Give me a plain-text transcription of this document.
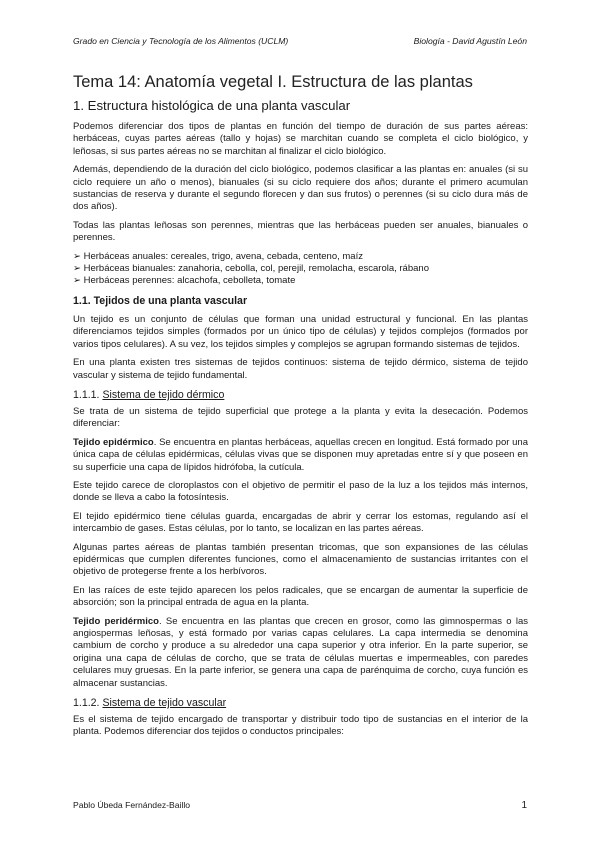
Grado en Ciencia y Tecnología de los Alimentos (UCLM)	Biología - David Agustín León
Tema 14: Anatomía vegetal I. Estructura de las plantas
1. Estructura histológica de una planta vascular

Podemos diferenciar dos tipos de plantas en función del tiempo de duración de sus partes aéreas: herbáceas, cuyas partes aéreas (tallo y hojas) se marchitan cuando se completa el ciclo biológico, y leñosas, si sus partes aéreas no se marchitan al finalizar el ciclo biológico.

Además, dependiendo de la duración del ciclo biológico, podemos clasificar a las plantas en: anuales (si su ciclo requiere un año o menos), bianuales (si su ciclo requiere dos años; durante el primero acumulan sustancias de reserva y durante el segundo florecen y dan sus frutos) o perennes (si su ciclo dura más de dos años).

Todas las plantas leñosas son perennes, mientras que las herbáceas pueden ser anuales, bianuales o perennes.

➢ Herbáceas anuales: cereales, trigo, avena, cebada, centeno, maíz
➢ Herbáceas bianuales: zanahoria, cebolla, col, perejil, remolacha, escarola, rábano
➢ Herbáceas perennes: alcachofa, cebolleta, tomate
1.1. Tejidos de una planta vascular

Un tejido es un conjunto de células que forman una unidad estructural y funcional. En las plantas diferenciamos tejidos simples (formados por un único tipo de células) y tejidos complejos (formados por varios tipos celulares). A su vez, los tejidos simples y complejos se agrupan formando sistemas de tejidos.

En una planta existen tres sistemas de tejidos continuos: sistema de tejido dérmico, sistema de tejido vascular y sistema de tejido fundamental.

1.1.1. Sistema de tejido dérmico

Se trata de un sistema de tejido superficial que protege a la planta y evita la desecación. Podemos diferenciar:

Tejido epidérmico. Se encuentra en plantas herbáceas, aquellas crecen en longitud. Está formado por una única capa de células epidérmicas, células vivas que se disponen muy apretadas entre sí y que poseen en su superficie una capa de lípidos hidrófoba, la cutícula.

Este tejido carece de cloroplastos con el objetivo de permitir el paso de la luz a los tejidos más internos, donde se lleva a cabo la fotosíntesis.

El tejido epidérmico tiene células guarda, encargadas de abrir y cerrar los estomas, regulando así el intercambio de gases. Estas células, por lo tanto, se localizan en las partes aéreas.

Algunas partes aéreas de plantas también presentan tricomas, que son expansiones de las células epidérmicas que cumplen diferentes funciones, como el almacenamiento de sustancias irritantes con el objetivo de protegerse frente a los herbívoros.

En las raíces de este tejido aparecen los pelos radicales, que se encargan de aumentar la superficie de absorción; son la principal entrada de agua en la planta.

Tejido peridérmico. Se encuentra en las plantas que crecen en grosor, como las gimnospermas o las angiospermas leñosas, y está formado por varias capas celulares. La capa intermedia se denomina cambium de corcho y produce a su alrededor una capa superior y otra inferior. En la parte superior, se origina una capa de células de corcho, que se trata de células muertas e impermeables, con paredes celulares muy gruesas. En la parte inferior, se genera una capa de parénquima de corcho, cuya función es almacenar sustancias.

1.1.2. Sistema de tejido vascular

Es el sistema de tejido encargado de transportar y distribuir todo tipo de sustancias en el interior de la planta. Podemos diferenciar dos tejidos o conductos principales:

Pablo Úbeda Fernández-Baillo	1
